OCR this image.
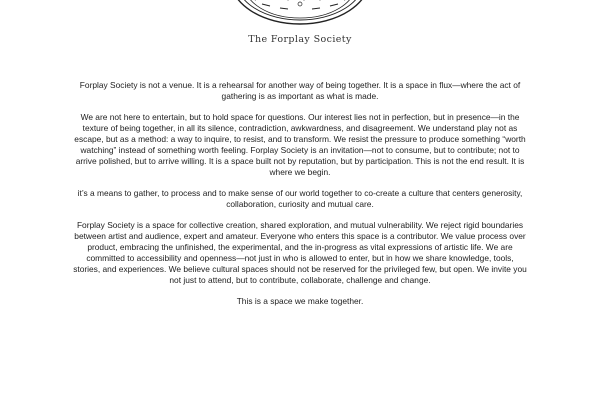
The Forplay Society

Forplay Society is not a venue. It is a rehearsal for another way of being together. It is a space in flux—where the act of gathering is as important as what is made.

We are not here to entertain, but to hold space for questions. Our interest lies not in perfection, but in presence—in the texture of being together, in all its silence, contradiction, awkwardness, and disagreement. We understand play not as escape, but as a method: a way to inquire, to resist, and to transform. We resist the pressure to produce something “worth watching” instead of something worth feeling. Forplay Society is an invitation—not to consume, but to contribute; not to arrive polished, but to arrive willing. It is a space built not by reputation, but by participation. This is not the end result. It is where we begin.

it’s a means to gather, to process and to make sense of our world together to co-create a culture that centers generosity, collaboration, curiosity and mutual care.

Forplay Society is a space for collective creation, shared exploration, and mutual vulnerability. We reject rigid boundaries between artist and audience, expert and amateur. Everyone who enters this space is a contributor. We value process over product, embracing the unfinished, the experimental, and the in-progress as vital expressions of artistic life. We are committed to accessibility and openness—not just in who is allowed to enter, but in how we share knowledge, tools, stories, and experiences. We believe cultural spaces should not be reserved for the privileged few, but open. We invite you not just to attend, but to contribute, collaborate, challenge and change.

This is a space we make together.
